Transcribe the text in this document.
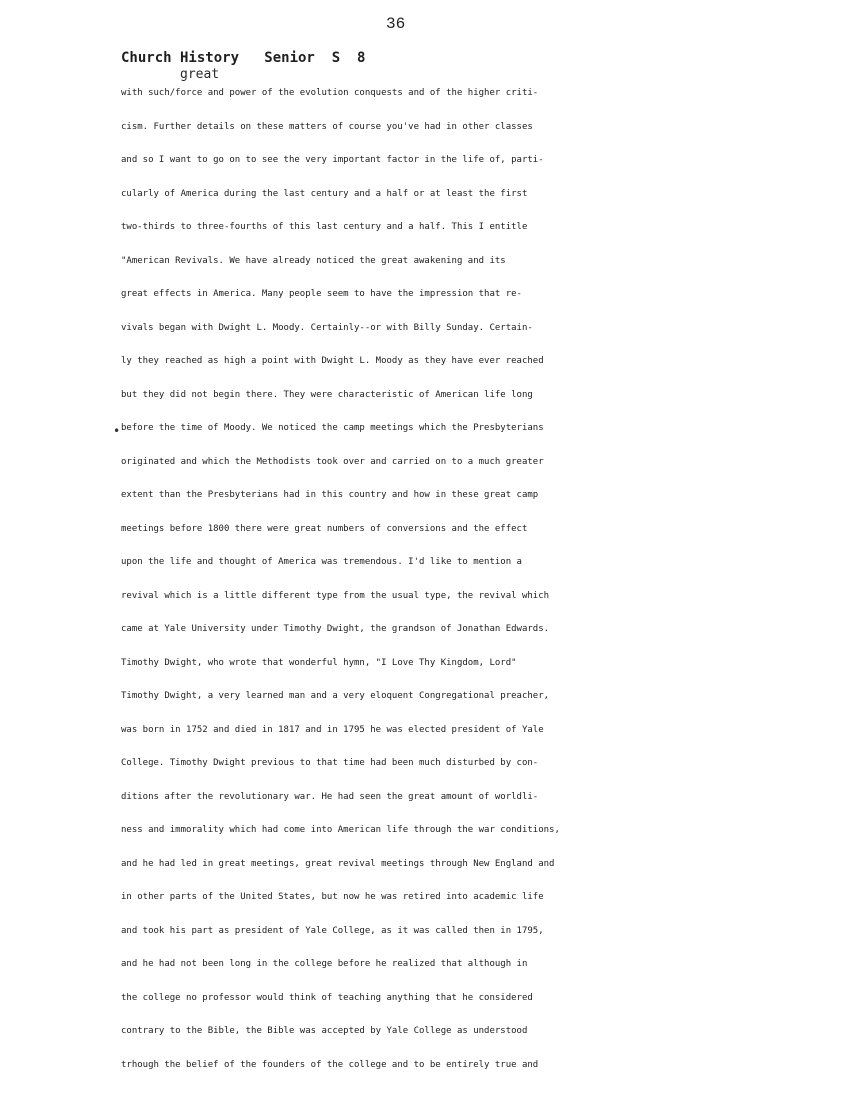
36
Church History   Senior  S  8
great
•
with such/force and power of the evolution conquests and of the higher criti-
cism. Further details on these matters of course you've had in other classes
and so I want to go on to see the very important factor in the life of, parti-
cularly of America during the last century and a half or at least the first
two-thirds to three-fourths of this last century and a half. This I entitle
"American Revivals. We have already noticed the great awakening and its
great effects in America. Many people seem to have the impression that re-
vivals began with Dwight L. Moody. Certainly--or with Billy Sunday. Certain-
ly they reached as high a point with Dwight L. Moody as they have ever reached
but they did not begin there. They were characteristic of American life long
before the time of Moody. We noticed the camp meetings which the Presbyterians
originated and which the Methodists took over and carried on to a much greater
extent than the Presbyterians had in this country and how in these great camp
meetings before 1800 there were great numbers of conversions and the effect
upon the life and thought of America was tremendous. I'd like to mention a
revival which is a little different type from the usual type, the revival which
came at Yale University under Timothy Dwight, the grandson of Jonathan Edwards.
Timothy Dwight, who wrote that wonderful hymn, "I Love Thy Kingdom, Lord"
Timothy Dwight, a very learned man and a very eloquent Congregational preacher,
was born in 1752 and died in 1817 and in 1795 he was elected president of Yale
College. Timothy Dwight previous to that time had been much disturbed by con-
ditions after the revolutionary war. He had seen the great amount of worldli-
ness and immorality which had come into American life through the war conditions,
and he had led in great meetings, great revival meetings through New England and
in other parts of the United States, but now he was retired into academic life
and took his part as president of Yale College, as it was called then in 1795,
and he had not been long in the college before he realized that although in
the college no professor would think of teaching anything that he considered
contrary to the Bible, the Bible was accepted by Yale College as understood
trhough the belief of the founders of the college and to be entirely true and
